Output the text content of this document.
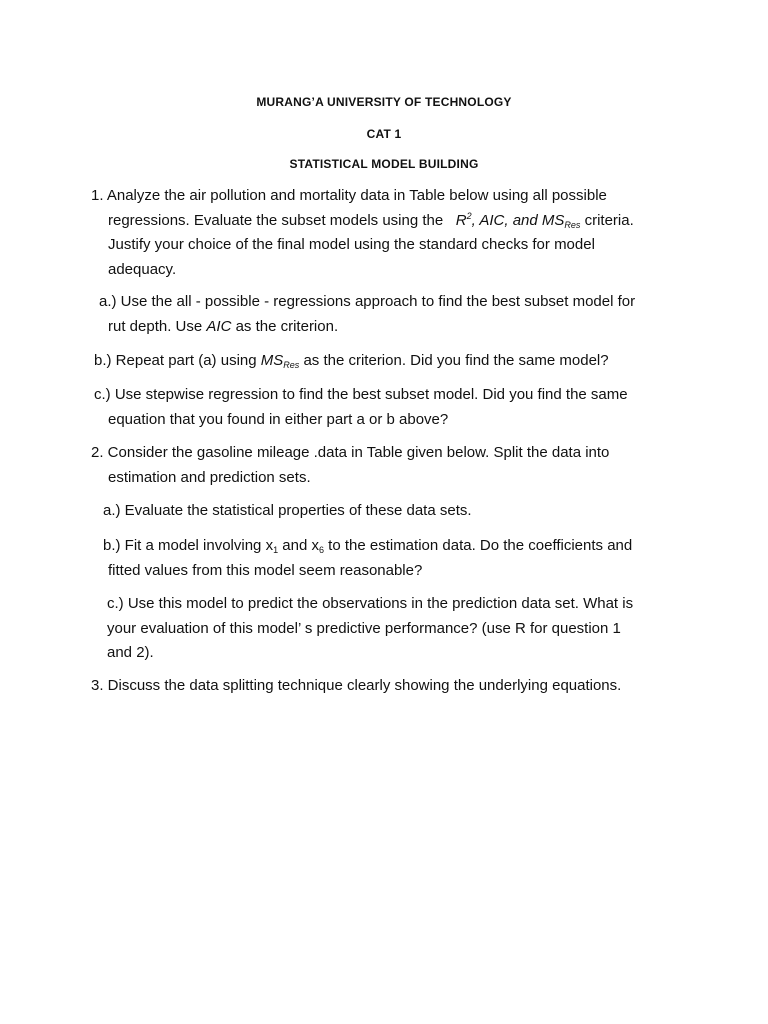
MURANG’A UNIVERSITY OF TECHNOLOGY
CAT 1
STATISTICAL MODEL BUILDING
1. Analyze the air pollution and mortality data in Table below using all possible
regressions. Evaluate the subset models using the $R^2$, AIC, and $MS_{Res}$ criteria.
Justify your choice of the final model using the standard checks for model
adequacy.
a.) Use the all - possible - regressions approach to find the best subset model for
rut depth. Use AIC as the criterion.
b.) Repeat part (a) using $MS_{Res}$ as the criterion. Did you find the same model?
c.) Use stepwise regression to find the best subset model. Did you find the same
equation that you found in either part a or b above?
2. Consider the gasoline mileage .data in Table given below. Split the data into
estimation and prediction sets.
a.) Evaluate the statistical properties of these data sets.
b.) Fit a model involving $x_1$ and $x_6$ to the estimation data. Do the coefficients and
fitted values from this model seem reasonable?
c.) Use this model to predict the observations in the prediction data set. What is
your evaluation of this model’ s predictive performance? (use R for question 1
and 2).
3. Discuss the data splitting technique clearly showing the underlying equations.
